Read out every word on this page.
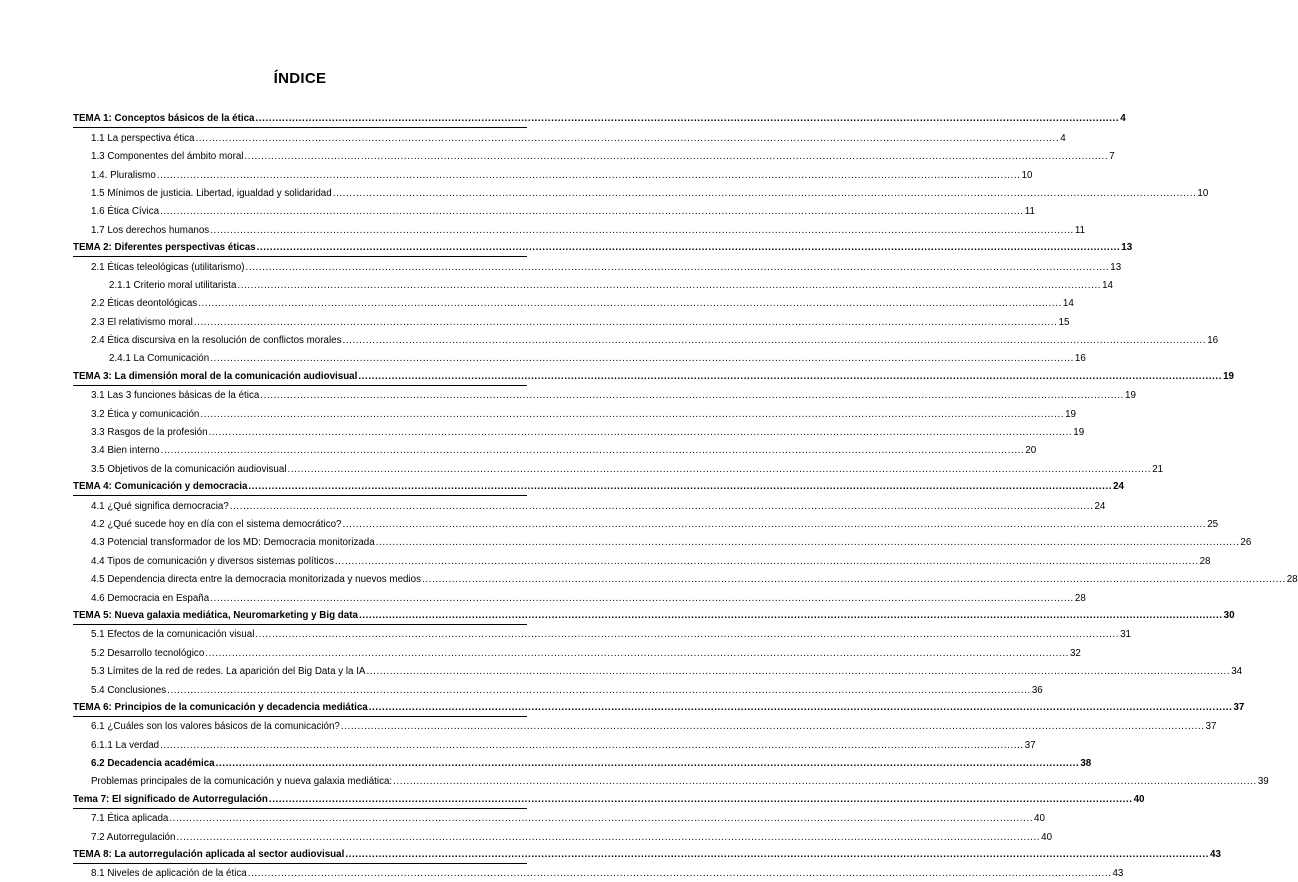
ÍNDICE
TEMA 1: Conceptos básicos de la ética .................................................................................................................................................................................................................................................................... 4
1.1 La perspectiva ética .................................................................................................................................................................................................................................................................... 4
1.3 Componentes del ámbito moral .................................................................................................................................................................................................................................................................... 7
1.4. Pluralismo .................................................................................................................................................................................................................................................................... 10
1.5 Mínimos de justicia. Libertad, igualdad y solidaridad .................................................................................................................................................................................................................................................................... 10
1.6 Ética Cívica .................................................................................................................................................................................................................................................................... 11
1.7 Los derechos humanos .................................................................................................................................................................................................................................................................... 11
TEMA 2: Diferentes perspectivas éticas .................................................................................................................................................................................................................................................................... 13
2.1 Éticas teleológicas (utilitarismo) .................................................................................................................................................................................................................................................................... 13
2.1.1 Criterio moral utilitarista .................................................................................................................................................................................................................................................................... 14
2.2 Éticas deontológicas .................................................................................................................................................................................................................................................................... 14
2.3 El relativismo moral .................................................................................................................................................................................................................................................................... 15
2.4 Ética discursiva en la resolución de conflictos morales .................................................................................................................................................................................................................................................................... 16
2.4.1 La Comunicación .................................................................................................................................................................................................................................................................... 16
TEMA 3: La dimensión moral de la comunicación audiovisual .................................................................................................................................................................................................................................................................... 19
3.1 Las 3 funciones básicas de la ética .................................................................................................................................................................................................................................................................... 19
3.2 Ética y comunicación .................................................................................................................................................................................................................................................................... 19
3.3 Rasgos de la profesión .................................................................................................................................................................................................................................................................... 19
3.4 Bien interno .................................................................................................................................................................................................................................................................... 20
3.5 Objetivos de la comunicación audiovisual .................................................................................................................................................................................................................................................................... 21
TEMA 4: Comunicación y democracia .................................................................................................................................................................................................................................................................... 24
4.1 ¿Qué significa democracia? .................................................................................................................................................................................................................................................................... 24
4.2 ¿Qué sucede hoy en día con el sistema democrático? .................................................................................................................................................................................................................................................................... 25
4.3 Potencial transformador de los MD: Democracia monitorizada .................................................................................................................................................................................................................................................................... 26
4.4 Tipos de comunicación y diversos sistemas políticos .................................................................................................................................................................................................................................................................... 28
4.5 Dependencia directa entre la democracia monitorizada y nuevos medios .................................................................................................................................................................................................................................................................... 28
4.6 Democracia en España .................................................................................................................................................................................................................................................................... 28
TEMA 5: Nueva galaxia mediática, Neuromarketing y Big data .................................................................................................................................................................................................................................................................... 30
5.1 Efectos de la comunicación visual .................................................................................................................................................................................................................................................................... 31
5.2 Desarrollo tecnológico .................................................................................................................................................................................................................................................................... 32
5.3 Límites de la red de redes. La aparición del Big Data y la IA .................................................................................................................................................................................................................................................................... 34
5.4 Conclusiones .................................................................................................................................................................................................................................................................... 36
TEMA 6: Principios de la comunicación y decadencia mediática .................................................................................................................................................................................................................................................................... 37
6.1 ¿Cuáles son los valores básicos de la comunicación? .................................................................................................................................................................................................................................................................... 37
6.1.1 La verdad .................................................................................................................................................................................................................................................................... 37
6.2 Decadencia académica .................................................................................................................................................................................................................................................................... 38
Problemas principales de la comunicación y nueva galaxia mediática: .................................................................................................................................................................................................................................................................... 39
Tema 7: El significado de Autorregulación .................................................................................................................................................................................................................................................................... 40
7.1 Ética aplicada .................................................................................................................................................................................................................................................................... 40
7.2 Autorregulación .................................................................................................................................................................................................................................................................... 40
TEMA 8: La autorregulación aplicada al sector audiovisual .................................................................................................................................................................................................................................................................... 43
8.1 Niveles de aplicación de la ética .................................................................................................................................................................................................................................................................... 43
